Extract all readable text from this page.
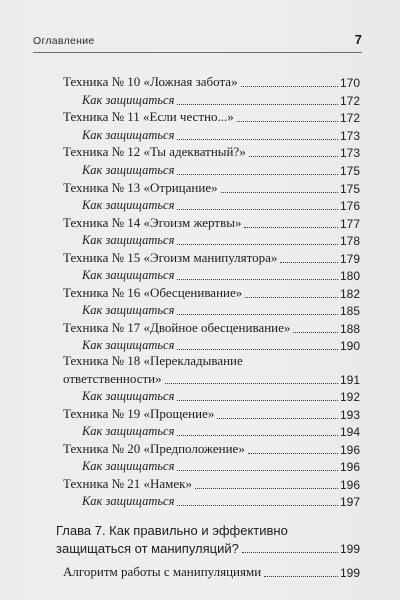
Оглавление	7
Техника № 10 «Ложная забота»	170
Как защищаться	172
Техника № 11 «Если честно...»	172
Как защищаться	173
Техника № 12 «Ты адекватный?»	173
Как защищаться	175
Техника № 13 «Отрицание»	175
Как защищаться	176
Техника № 14 «Эгоизм жертвы»	177
Как защищаться	178
Техника № 15 «Эгоизм манипулятора»	179
Как защищаться	180
Техника № 16 «Обесценивание»	182
Как защищаться	185
Техника № 17 «Двойное обесценивание»	188
Как защищаться	190
Техника № 18 «Перекладывание
ответственности»	191
Как защищаться	192
Техника № 19 «Прощение»	193
Как защищаться	194
Техника № 20 «Предположение»	196
Как защищаться	196
Техника № 21 «Намек»	196
Как защищаться	197
Глава 7. Как правильно и эффективно
защищаться от манипуляций?	199
Алгоритм работы с манипуляциями	199
